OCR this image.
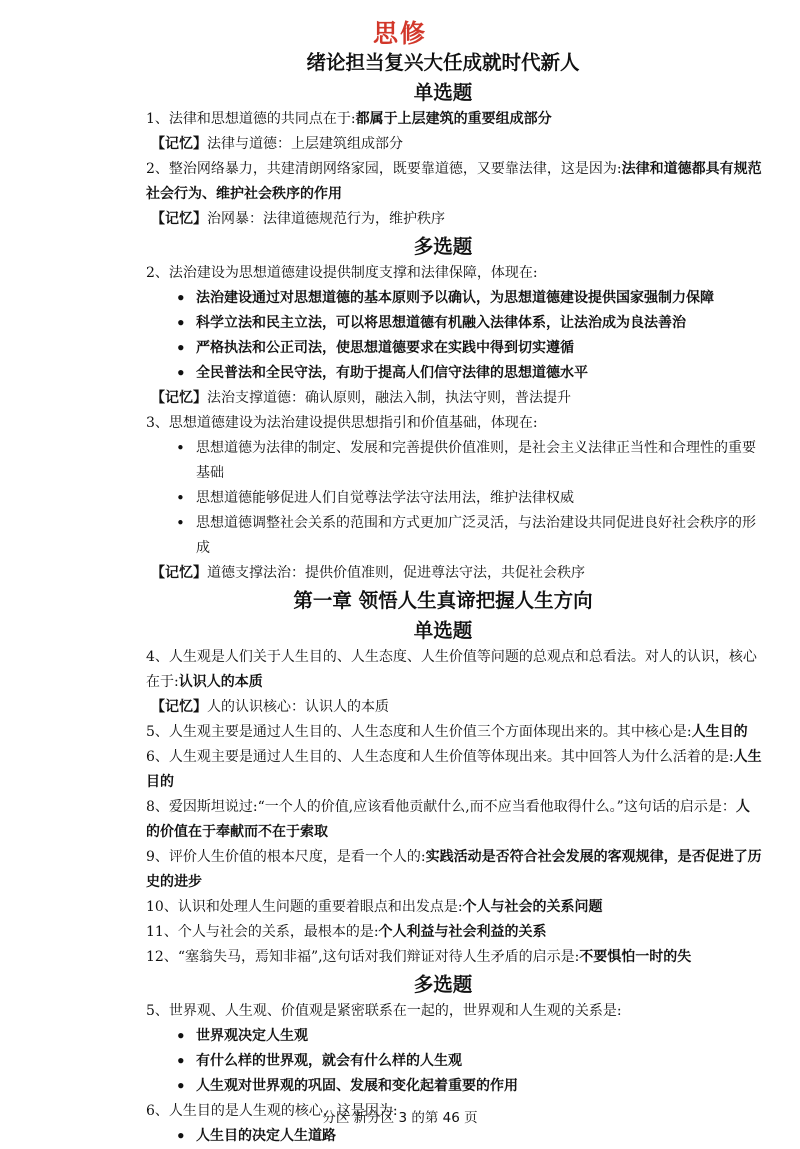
思修
绪论担当复兴大任成就时代新人
单选题

1、法律和思想道德的共同点在于:都属于上层建筑的重要组成部分

【记忆】法律与道德：上层建筑组成部分

2、整治网络暴力，共建清朗网络家园，既要靠道德，又要靠法律，这是因为:法律和道德都具有规范社会行为、维护社会秩序的作用

【记忆】治网暴：法律道德规范行为，维护秩序

多选题

2、法治建设为思想道德建设提供制度支撑和法律保障，体现在:

• 法治建设通过对思想道德的基本原则予以确认，为思想道德建设提供国家强制力保障
• 科学立法和民主立法，可以将思想道德有机融入法律体系，让法治成为良法善治
• 严格执法和公正司法，使思想道德要求在实践中得到切实遵循
• 全民普法和全民守法，有助于提高人们信守法律的思想道德水平

【记忆】法治支撑道德：确认原则，融法入制，执法守则，普法提升

3、思想道德建设为法治建设提供思想指引和价值基础，体现在:

• 思想道德为法律的制定、发展和完善提供价值准则，是社会主义法律正当性和合理性的重要基础
• 思想道德能够促进人们自觉尊法学法守法用法，维护法律权威
• 思想道德调整社会关系的范围和方式更加广泛灵活，与法治建设共同促进良好社会秩序的形成

【记忆】道德支撑法治：提供价值准则，促进尊法守法，共促社会秩序

第一章 领悟人生真谛把握人生方向
单选题

4、人生观是人们关于人生目的、人生态度、人生价值等问题的总观点和总看法。对人的认识，核心在于:认识人的本质

【记忆】人的认识核心：认识人的本质

5、人生观主要是通过人生目的、人生态度和人生价值三个方面体现出来的。其中核心是:人生目的

6、人生观主要是通过人生目的、人生态度和人生价值等体现出来。其中回答人为什么活着的是:人生目的

8、爱因斯坦说过:“一个人的价值,应该看他贡献什么,而不应当看他取得什么。”这句话的启示是：人的价值在于奉献而不在于索取

9、评价人生价值的根本尺度，是看一个人的:实践活动是否符合社会发展的客观规律，是否促进了历史的进步

10、认识和处理人生问题的重要着眼点和出发点是:个人与社会的关系问题

11、个人与社会的关系，最根本的是:个人利益与社会利益的关系

12、“塞翁失马，焉知非福”,这句话对我们辩证对待人生矛盾的启示是:不要惧怕一时的失

多选题

5、世界观、人生观、价值观是紧密联系在一起的，世界观和人生观的关系是:

• 世界观决定人生观
• 有什么样的世界观，就会有什么样的人生观
• 人生观对世界观的巩固、发展和变化起着重要的作用

6、人生目的是人生观的核心，这是因为:

• 人生目的决定人生道路
分区 新分区 3 的第 46 页
